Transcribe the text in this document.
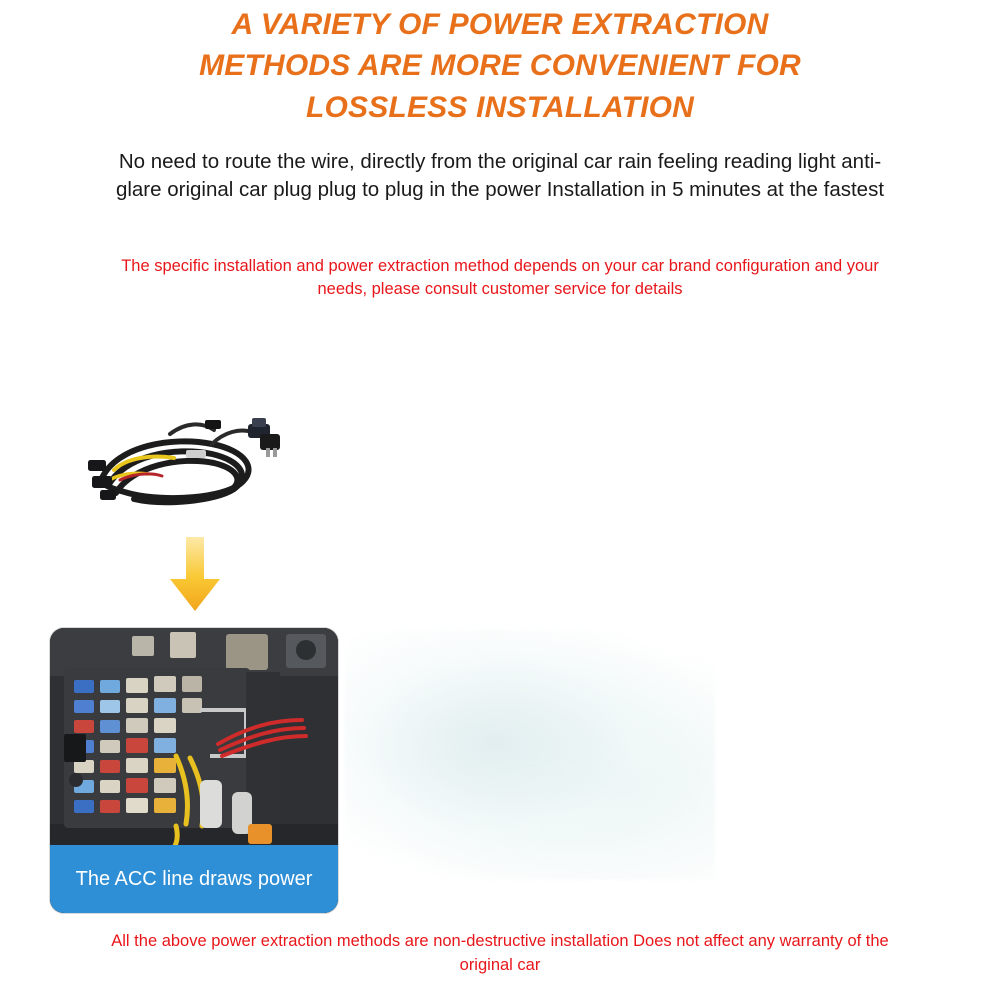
A VARIETY OF POWER EXTRACTION
METHODS ARE MORE CONVENIENT FOR
LOSSLESS INSTALLATION
No need to route the wire, directly from the original car rain feeling reading light anti-glare original car plug plug to plug in the power Installation in 5 minutes at the fastest
The specific installation and power extraction method depends on your car brand configuration and your needs, please consult customer service for details
The ACC line draws power
All the above power extraction methods are non-destructive installation Does not affect any warranty of the original car
